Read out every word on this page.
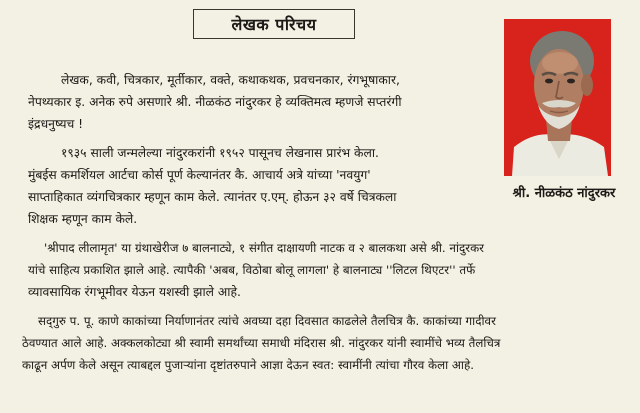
लेखक परिचय
श्री. नीळकंठ नांदुरकर
लेखक, कवी, चित्रकार, मूर्तीकार, वक्ते, कथाकथक, प्रवचनकार, रंगभूषाकार,
नेपथ्यकार इ. अनेक रुपे असणारे श्री. नीळकंठ नांदुरकर हे व्यक्तिमत्व म्हणजे सप्तरंगी
इंद्रधनुष्यच !
१९३५ साली जन्मलेल्या नांदुरकरांनी १९५२ पासूनच लेखनास प्रारंभ केला.
मुंबईस कमर्शियल आर्टचा कोर्स पूर्ण केल्यानंतर कै. आचार्य अत्रे यांच्या 'नवयुग'
साप्ताहिकात व्यंगचित्रकार म्हणून काम केले. त्यानंतर ए.एम्. होऊन ३२ वर्षे चित्रकला
शिक्षक म्हणून काम केले.
'श्रीपाद लीलामृत' या ग्रंथाखेरीज ७ बालनाट्ये, १ संगीत दाक्षायणी नाटक व २ बालकथा असे श्री. नांदुरकर
यांचे साहित्य प्रकाशित झाले आहे. त्यापैकी 'अबब, विठोबा बोलू लागला' हे बालनाट्य ''लिटल थिएटर'' तर्फे
व्यावसायिक रंगभूमीवर येऊन यशस्वी झाले आहे.
सद्‌गुरु प. पू. काणे काकांच्या निर्याणानंतर त्यांचे अवघ्या दहा दिवसात काढलेले तैलचित्र कै. काकांच्या गादीवर
ठेवण्यात आले आहे. अक्कलकोट्या श्री स्वामी समर्थांच्या समाधी मंदिरास श्री. नांदुरकर यांनी स्वामींचे भव्य तैलचित्र
काढून अर्पण केले असून त्याबद्दल पुजाऱ्यांना दृष्टांतरुपाने आज्ञा देऊन स्वत: स्वामींनी त्यांचा गौरव केला आहे.
